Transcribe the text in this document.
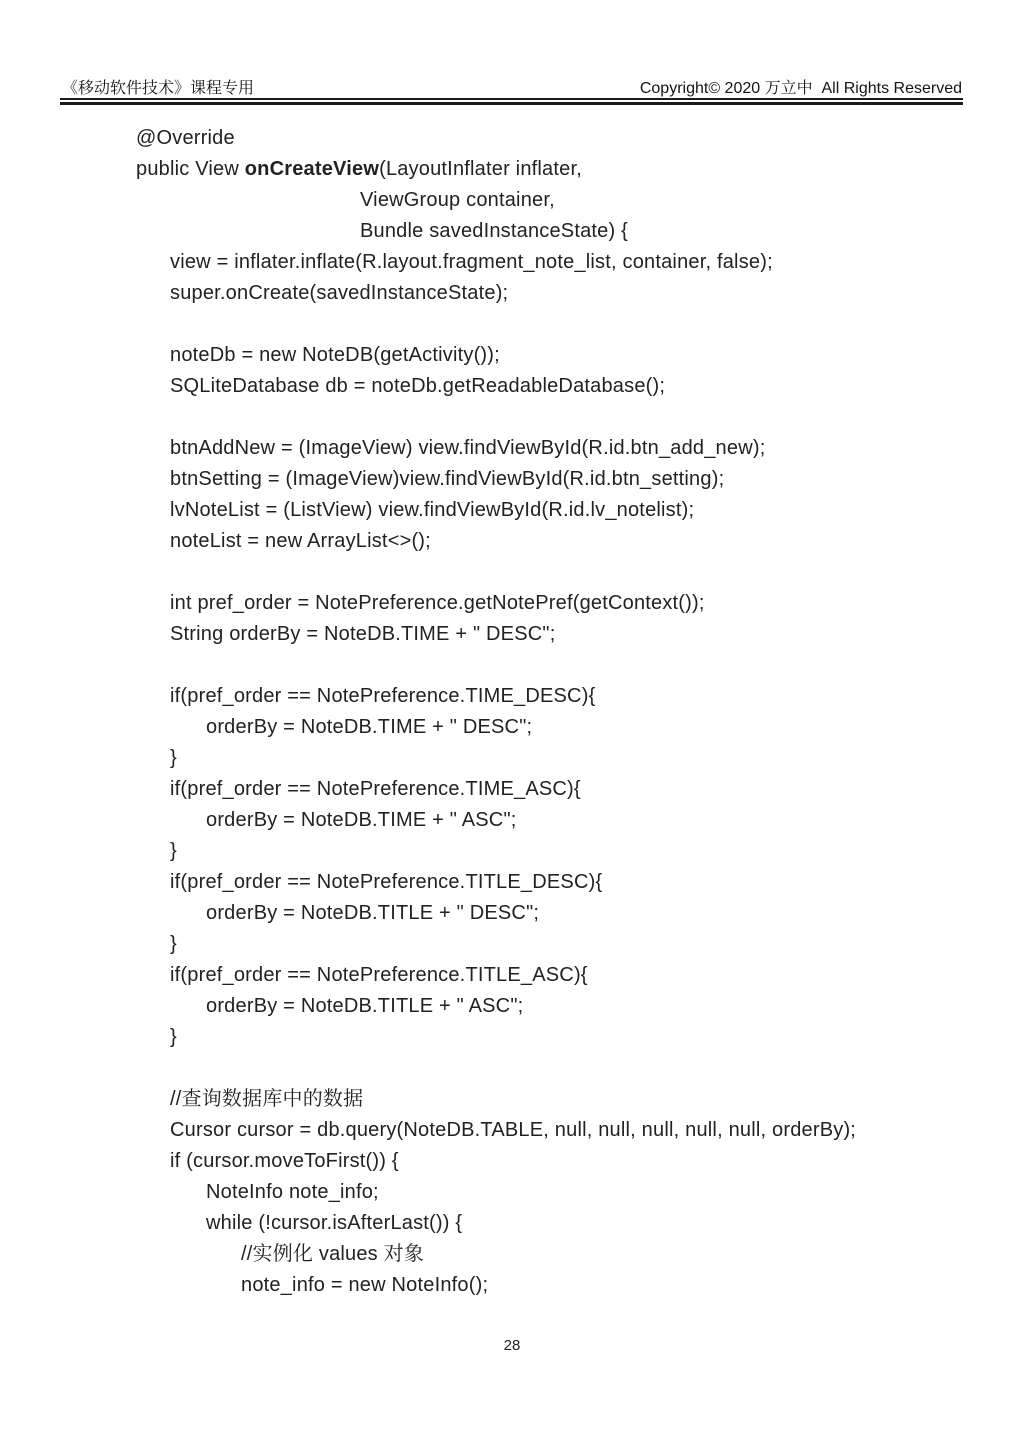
《移动软件技术》课程专用	Copyright© 2020 万立中  All Rights Reserved
@Override
public View onCreateView(LayoutInflater inflater,
ViewGroup container,
Bundle savedInstanceState) {
view = inflater.inflate(R.layout.fragment_note_list, container, false);
super.onCreate(savedInstanceState);

noteDb = new NoteDB(getActivity());
SQLiteDatabase db = noteDb.getReadableDatabase();

btnAddNew = (ImageView) view.findViewById(R.id.btn_add_new);
btnSetting = (ImageView)view.findViewById(R.id.btn_setting);
lvNoteList = (ListView) view.findViewById(R.id.lv_notelist);
noteList = new ArrayList<>();

int pref_order = NotePreference.getNotePref(getContext());
String orderBy = NoteDB.TIME + " DESC";

if(pref_order == NotePreference.TIME_DESC){
orderBy = NoteDB.TIME + " DESC";
}
if(pref_order == NotePreference.TIME_ASC){
orderBy = NoteDB.TIME + " ASC";
}
if(pref_order == NotePreference.TITLE_DESC){
orderBy = NoteDB.TITLE + " DESC";
}
if(pref_order == NotePreference.TITLE_ASC){
orderBy = NoteDB.TITLE + " ASC";
}

//查询数据库中的数据
Cursor cursor = db.query(NoteDB.TABLE, null, null, null, null, null, orderBy);
if (cursor.moveToFirst()) {
NoteInfo note_info;
while (!cursor.isAfterLast()) {
//实例化 values 对象
note_info = new NoteInfo();
28
